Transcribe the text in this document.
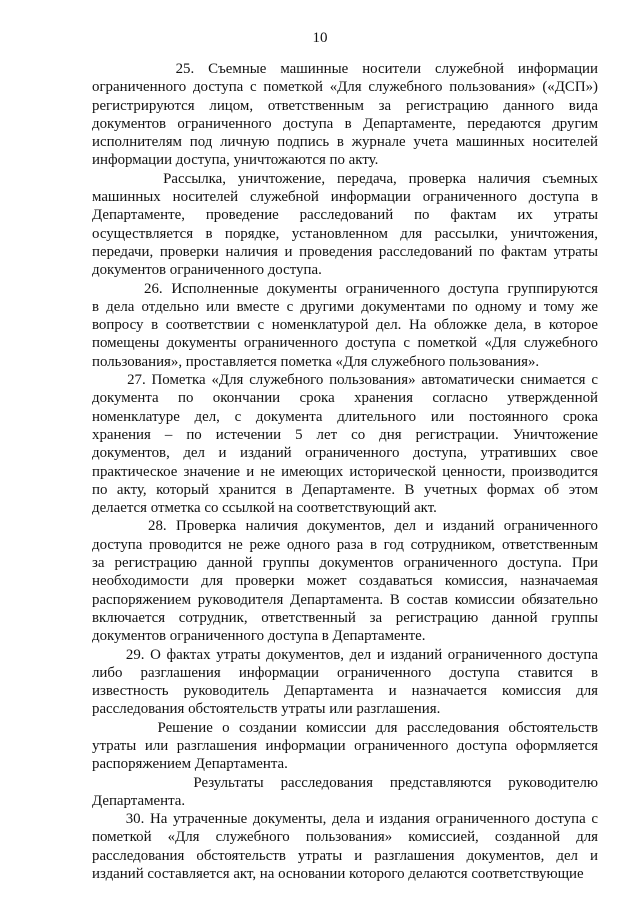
10
25. Съемные машинные носители служебной информации
ограниченного доступа с пометкой «Для служебного пользования» («ДСП»)
регистрируются лицом, ответственным за регистрацию данного вида
документов ограниченного доступа в Департаменте, передаются другим
исполнителям под личную подпись в журнале учета машинных носителей
информации доступа, уничтожаются по акту.
Рассылка, уничтожение, передача, проверка наличия съемных
машинных носителей служебной информации ограниченного доступа в
Департаменте, проведение расследований по фактам их утраты
осуществляется в порядке, установленном для рассылки, уничтожения,
передачи, проверки наличия и проведения расследований по фактам утраты
документов ограниченного доступа.
26. Исполненные документы ограниченного доступа группируются
в дела отдельно или вместе с другими документами по одному и тому же
вопросу в соответствии с номенклатурой дел. На обложке дела, в которое
помещены документы ограниченного доступа с пометкой «Для служебного
пользования», проставляется пометка «Для служебного пользования».
27. Пометка «Для служебного пользования» автоматически снимается с
документа по окончании срока хранения согласно утвержденной
номенклатуре дел, с документа длительного или постоянного срока
хранения – по истечении 5 лет со дня регистрации. Уничтожение
документов, дел и изданий ограниченного доступа, утративших свое
практическое значение и не имеющих исторической ценности, производится
по акту, который хранится в Департаменте. В учетных формах об этом
делается отметка со ссылкой на соответствующий акт.
28. Проверка наличия документов, дел и изданий ограниченного
доступа проводится не реже одного раза в год сотрудником, ответственным
за регистрацию данной группы документов ограниченного доступа. При
необходимости для проверки может создаваться комиссия, назначаемая
распоряжением руководителя Департамента. В состав комиссии обязательно
включается сотрудник, ответственный за регистрацию данной группы
документов ограниченного доступа в Департаменте.
29. О фактах утраты документов, дел и изданий ограниченного доступа
либо разглашения информации ограниченного доступа ставится в
известность руководитель Департамента и назначается комиссия для
расследования обстоятельств утраты или разглашения.
Решение о создании комиссии для расследования обстоятельств
утраты или разглашения информации ограниченного доступа оформляется
распоряжением Департамента.
Результаты расследования представляются руководителю
Департамента.
30. На утраченные документы, дела и издания ограниченного доступа с
пометкой «Для служебного пользования» комиссией, созданной для
расследования обстоятельств утраты и разглашения документов, дел и
изданий составляется акт, на основании которого делаются соответствующие
